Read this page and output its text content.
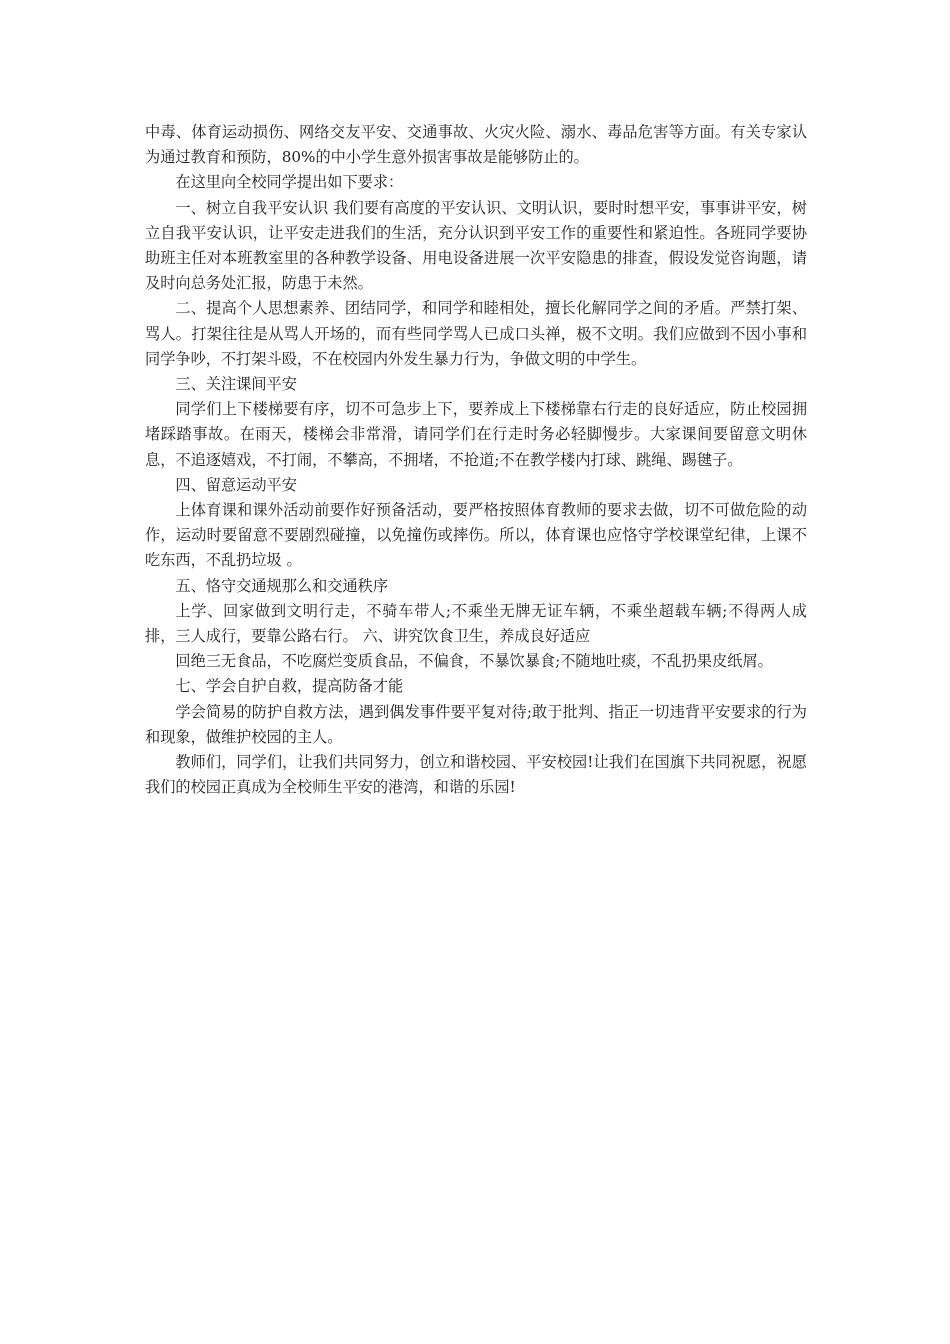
中毒、体育运动损伤、网络交友平安、交通事故、火灾火险、溺水、毒品危害等方面。有关专家认为通过教育和预防，80%的中小学生意外损害事故是能够防止的。

在这里向全校同学提出如下要求：

一、树立自我平安认识 我们要有高度的平安认识、文明认识，要时时想平安，事事讲平安，树立自我平安认识，让平安走进我们的生活，充分认识到平安工作的重要性和紧迫性。各班同学要协助班主任对本班教室里的各种教学设备、用电设备进展一次平安隐患的排查，假设发觉咨询题，请及时向总务处汇报，防患于未然。

二、提高个人思想素养、团结同学，和同学和睦相处，擅长化解同学之间的矛盾。严禁打架、骂人。打架往往是从骂人开场的，而有些同学骂人已成口头禅，极不文明。我们应做到不因小事和同学争吵，不打架斗殴，不在校园内外发生暴力行为，争做文明的中学生。

三、关注课间平安

同学们上下楼梯要有序，切不可急步上下，要养成上下楼梯靠右行走的良好适应，防止校园拥堵踩踏事故。在雨天，楼梯会非常滑，请同学们在行走时务必轻脚慢步。大家课间要留意文明休息，不追逐嬉戏，不打闹，不攀高，不拥堵，不抢道;不在教学楼内打球、跳绳、踢毽子。

四、留意运动平安

上体育课和课外活动前要作好预备活动，要严格按照体育教师的要求去做，切不可做危险的动作，运动时要留意不要剧烈碰撞，以免撞伤或摔伤。所以，体育课也应恪守学校课堂纪律，上课不吃东西，不乱扔垃圾 。

五、恪守交通规那么和交通秩序

上学、回家做到文明行走，不骑车带人;不乘坐无牌无证车辆，不乘坐超载车辆;不得两人成排，三人成行，要靠公路右行。 六、讲究饮食卫生，养成良好适应

回绝三无食品，不吃腐烂变质食品，不偏食，不暴饮暴食;不随地吐痰，不乱扔果皮纸屑。

七、学会自护自救，提高防备才能

学会简易的防护自救方法，遇到偶发事件要平复对待;敢于批判、指正一切违背平安要求的行为和现象，做维护校园的主人。

教师们，同学们，让我们共同努力，创立和谐校园、平安校园!让我们在国旗下共同祝愿，祝愿我们的校园正真成为全校师生平安的港湾，和谐的乐园!
